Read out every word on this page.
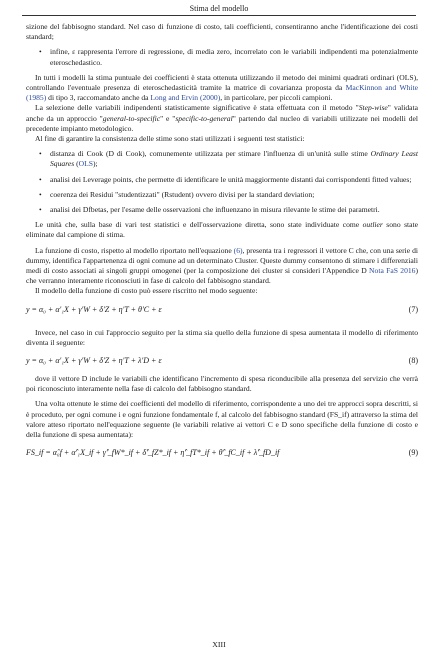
Stima del modello

sizione del fabbisogno standard. Nel caso di funzione di costo, tali coefficienti, consentiranno anche l'identificazione dei costi standard;

• infine, ε rappresenta l'errore di regressione, di media zero, incorrelato con le variabili indipendenti ma potenzialmente eteroschedastico.

In tutti i modelli la stima puntuale dei coefficienti è stata ottenuta utilizzando il metodo dei minimi quadrati ordinari (OLS), controllando l'eventuale presenza di eteroschedasticità tramite la matrice di covarianza proposta da MacKinnon and White (1985) di tipo 3, raccomandato anche da Long and Ervin (2000), in particolare, per piccoli campioni.

La selezione delle variabili indipendenti statisticamente significative è stata effettuata con il metodo "Step-wise" validata anche da un approccio "general-to-specific" e "specific-to-general" partendo dal nucleo di variabili utilizzate nei modelli del precedente impianto metodologico.

Al fine di garantire la consistenza delle stime sono stati utilizzati i seguenti test statistici:

• distanza di Cook (D di Cook), comunemente utilizzata per stimare l'influenza di un'unità sulle stime Ordinary Least Squares (OLS);

• analisi dei Leverage points, che permette di identificare le unità maggiormente distanti dai corrispondenti fitted values;

• coerenza dei Residui "studentizzati" (Rstudent) ovvero divisi per la standard deviation;

• analisi dei Dfbetas, per l'esame delle osservazioni che influenzano in misura rilevante le stime dei parametri.

Le unità che, sulla base di vari test statistici e dell'osservazione diretta, sono state individuate come outlier sono state eliminate dal campione di stima.

La funzione di costo, rispetto al modello riportato nell'equazione (6), presenta tra i regressori il vettore C che, con una serie di dummy, identifica l'appartenenza di ogni comune ad un determinato Cluster. Queste dummy consentono di stimare i differenziali medi di costo associati ai singoli gruppi omogenei (per la composizione dei cluster si consideri l'Appendice D Nota FaS 2016) che verranno interamente riconosciuti in fase di calcolo del fabbisogno standard.

Il modello della funzione di costo può essere riscritto nel modo seguente:

y = α₀ + α′₁X + γ′W + δ′Z + η′T + θ′C + ε	(7)

Invece, nel caso in cui l'approccio seguito per la stima sia quello della funzione di spesa aumentata il modello di riferimento diventa il seguente:

y = α₀ + α′₁X + γ′W + δ′Z + η′T + λ′D + ε	(8)

dove il vettore D include le variabili che identificano l'incremento di spesa riconducibile alla presenza del servizio che verrà poi riconosciuto interamente nella fase di calcolo del fabbisogno standard.

Una volta ottenute le stime dei coefficienti del modello di riferimento, corrispondente a uno dei tre approcci sopra descritti, si è proceduto, per ogni comune i e ogni funzione fondamentale f, al calcolo del fabbisogno standard (FS_if) attraverso la stima del valore atteso riportato nell'equazione seguente (le variabili relative ai vettori C e D sono specifiche della funzione di costo e della funzione di spesa aumentata):

FS_if = α̂₀f + α̂′₁X_if + γ̂′_fW*_if + δ̂′_fZ*_if + η̂′_fT*_if + θ̂′_fC_if + λ̂′_fD_if	(9)
XIII
